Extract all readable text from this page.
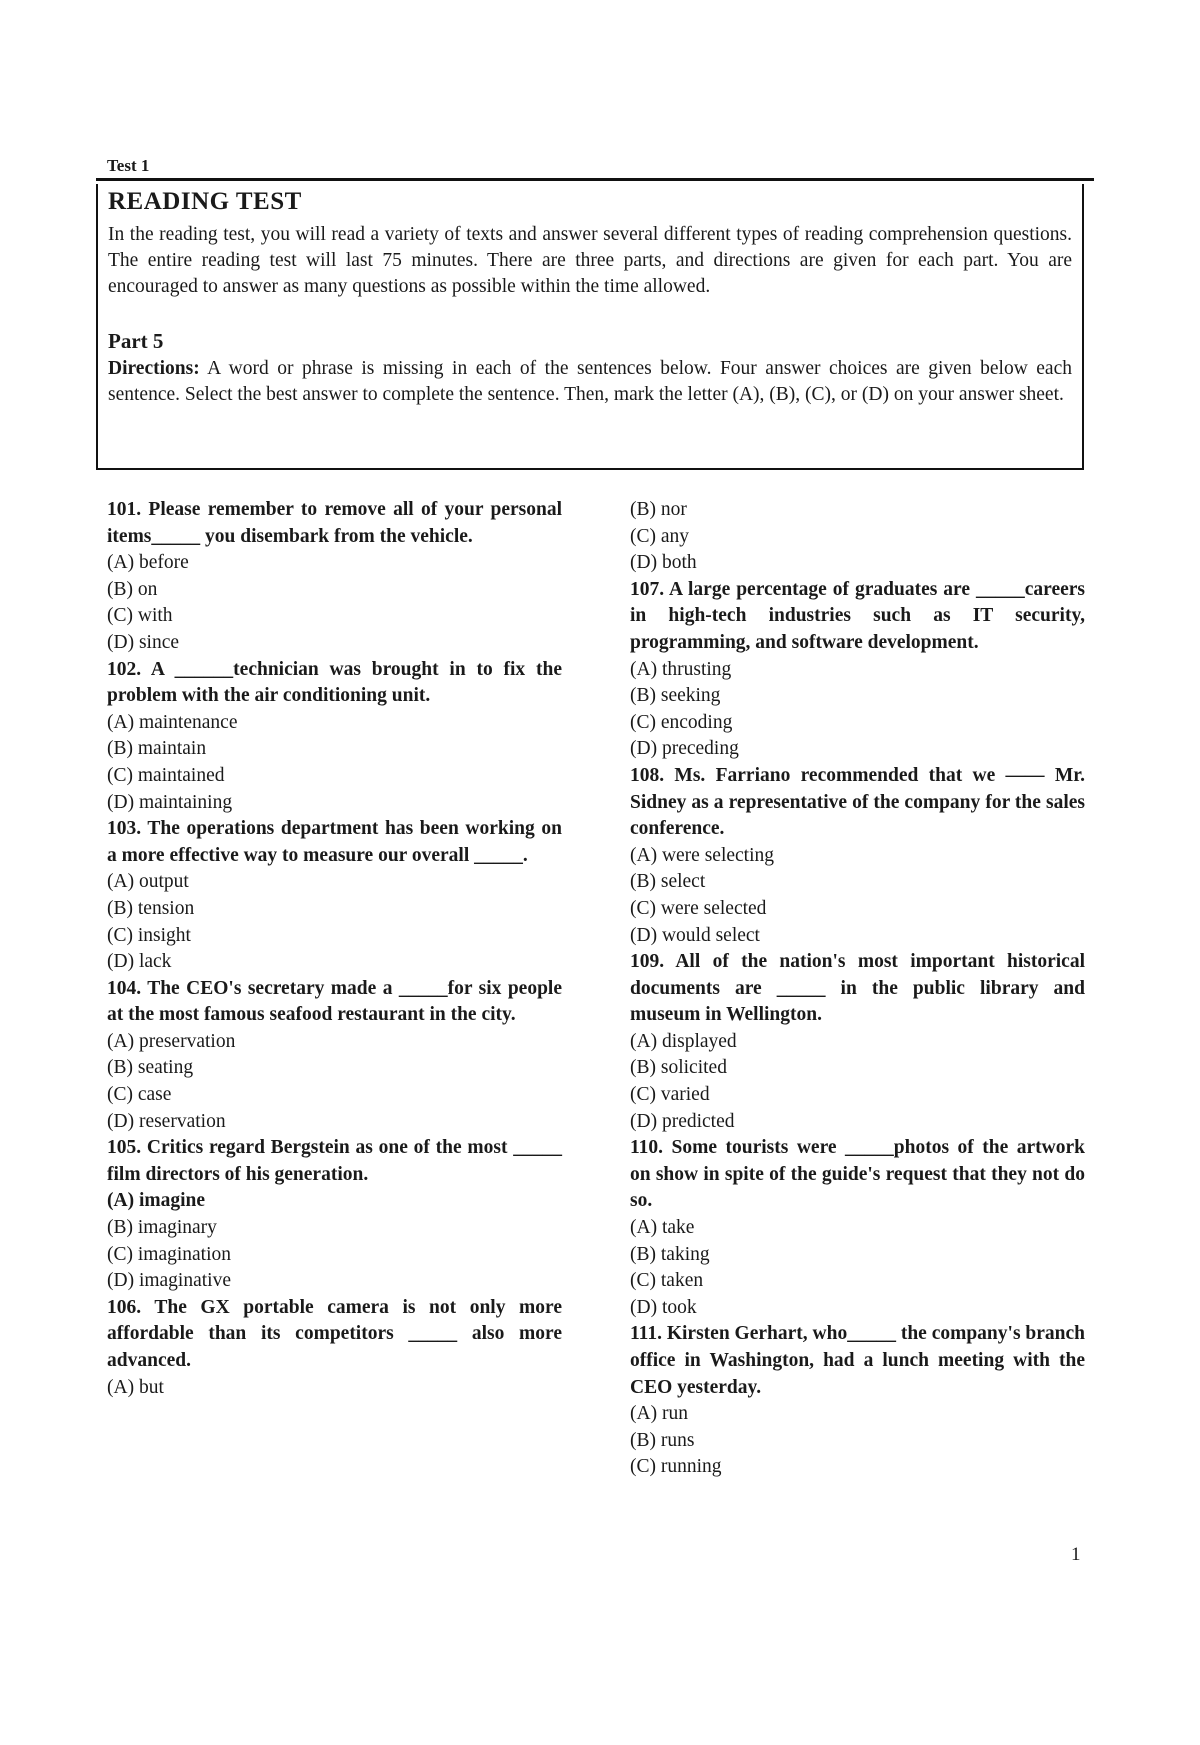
Test 1
READING TEST

In the reading test, you will read a variety of texts and answer several different types of reading comprehension questions. The entire reading test will last 75 minutes. There are three parts, and directions are given for each part. You are encouraged to answer as many questions as possible within the time allowed.

Part 5

Directions: A word or phrase is missing in each of the sentences below. Four answer choices are given below each sentence. Select the best answer to complete the sentence. Then, mark the letter (A), (B), (C), or (D) on your answer sheet.

101. Please remember to remove all of your personal items_____ you disembark from the vehicle.

(A) before

(B) on

(C) with

(D) since

102. A ______technician was brought in to fix the problem with the air conditioning unit.

(A) maintenance

(B) maintain

(C) maintained

(D) maintaining

103. The operations department has been working on a more effective way to measure our overall _____.

(A) output

(B) tension

(C) insight

(D) lack

104. The CEO's secretary made a _____for six people at the most famous seafood restaurant in the city.

(A) preservation

(B) seating

(C) case

(D) reservation

105. Critics regard Bergstein as one of the most _____ film directors of his generation.

(A) imagine

(B) imaginary

(C) imagination

(D) imaginative

106. The GX portable camera is not only more affordable than its competitors _____ also more advanced.

(A) but

(B) nor

(C) any

(D) both

107. A large percentage of graduates are _____careers in high-tech industries such as IT security, programming, and software development.

(A) thrusting

(B) seeking

(C) encoding

(D) preceding

108. Ms. Farriano recommended that we —— Mr. Sidney as a representative of the company for the sales conference.

(A) were selecting

(B) select

(C) were selected

(D) would select

109. All of the nation's most important historical documents are _____ in the public library and museum in Wellington.

(A) displayed

(B) solicited

(C) varied

(D) predicted

110. Some tourists were _____photos of the artwork on show in spite of the guide's request that they not do so.

(A) take

(B) taking

(C) taken

(D) took

111. Kirsten Gerhart, who_____ the company's branch office in Washington, had a lunch meeting with the CEO yesterday.

(A) run

(B) runs

(C) running

1
